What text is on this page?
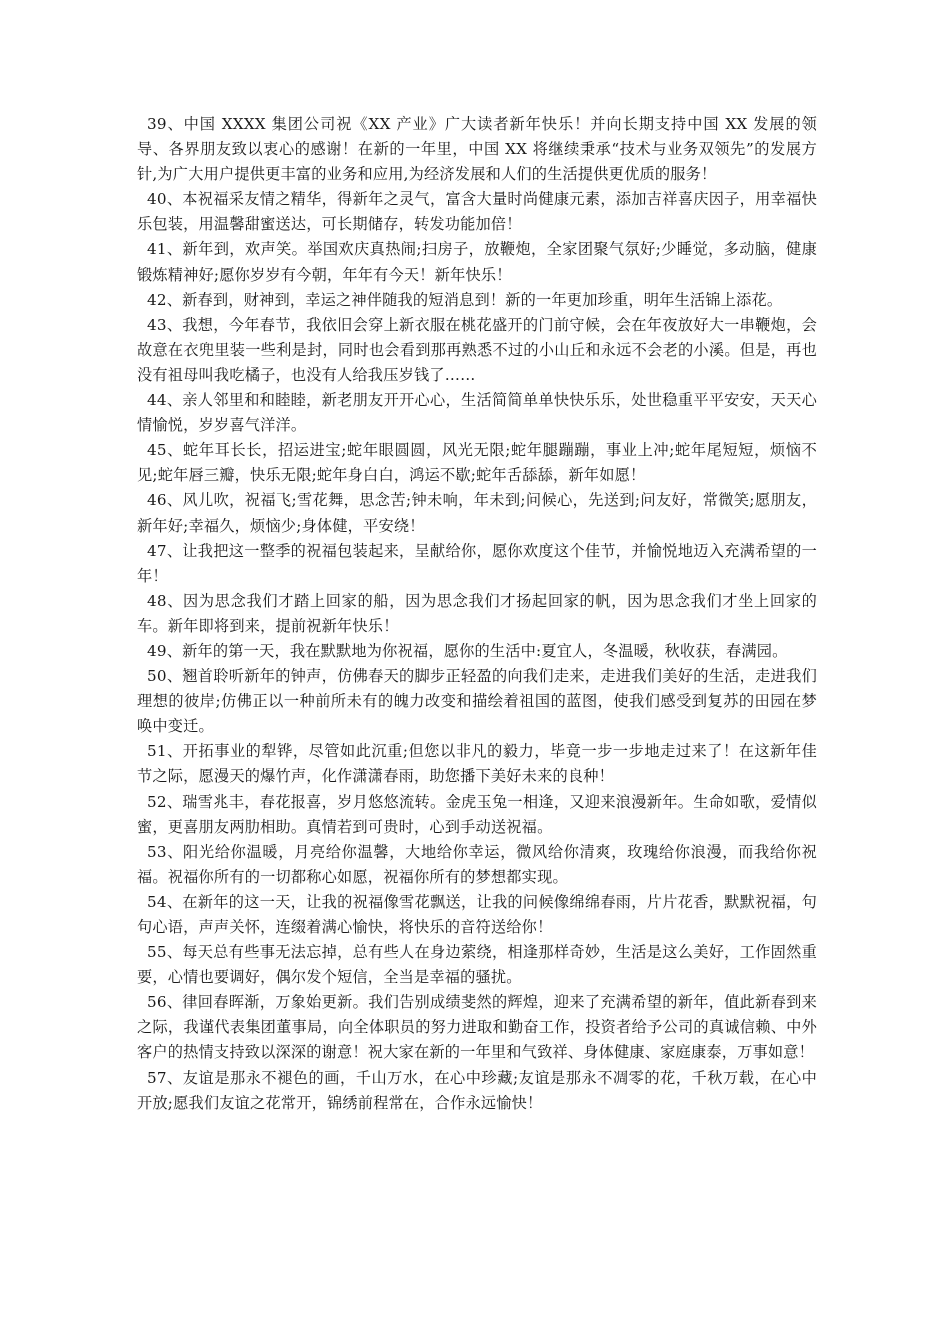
39、中国 XXXX 集团公司祝《XX 产业》广大读者新年快乐！并向长期支持中国 XX 发展的领导、各界朋友致以衷心的感谢！在新的一年里，中国 XX 将继续秉承“技术与业务双领先”的发展方针,为广大用户提供更丰富的业务和应用,为经济发展和人们的生活提供更优质的服务！

40、本祝福采友情之精华，得新年之灵气，富含大量时尚健康元素，添加吉祥喜庆因子，用幸福快乐包装，用温馨甜蜜送达，可长期储存，转发功能加倍！

41、新年到，欢声笑。举国欢庆真热闹;扫房子，放鞭炮，全家团聚气氛好;少睡觉，多动脑，健康锻炼精神好;愿你岁岁有今朝，年年有今天！新年快乐！

42、新春到，财神到，幸运之神伴随我的短消息到！新的一年更加珍重，明年生活锦上添花。

43、我想，今年春节，我依旧会穿上新衣服在桃花盛开的门前守候，会在年夜放好大一串鞭炮，会故意在衣兜里装一些利是封，同时也会看到那再熟悉不过的小山丘和永远不会老的小溪。但是，再也没有祖母叫我吃橘子，也没有人给我压岁钱了……

44、亲人邻里和和睦睦，新老朋友开开心心，生活简简单单快快乐乐，处世稳重平平安安，天天心情愉悦，岁岁喜气洋洋。

45、蛇年耳长长，招运进宝;蛇年眼圆圆，风光无限;蛇年腿蹦蹦，事业上冲;蛇年尾短短，烦恼不见;蛇年唇三瓣，快乐无限;蛇年身白白，鸿运不歇;蛇年舌舔舔，新年如愿！

46、风儿吹，祝福飞;雪花舞，思念苦;钟未响，年未到;问候心，先送到;问友好，常微笑;愿朋友，新年好;幸福久，烦恼少;身体健，平安绕！

47、让我把这一整季的祝福包装起来，呈献给你，愿你欢度这个佳节，并愉悦地迈入充满希望的一年！

48、因为思念我们才踏上回家的船，因为思念我们才扬起回家的帆，因为思念我们才坐上回家的车。新年即将到来，提前祝新年快乐！

49、新年的第一天，我在默默地为你祝福，愿你的生活中:夏宜人，冬温暖，秋收获，春满园。

50、翘首聆听新年的钟声，仿佛春天的脚步正轻盈的向我们走来，走进我们美好的生活，走进我们理想的彼岸;仿佛正以一种前所未有的魄力改变和描绘着祖国的蓝图，使我们感受到复苏的田园在梦唤中变迁。

51、开拓事业的犁铧，尽管如此沉重;但您以非凡的毅力，毕竟一步一步地走过来了！在这新年佳节之际，愿漫天的爆竹声，化作潇潇春雨，助您播下美好未来的良种！

52、瑞雪兆丰，春花报喜，岁月悠悠流转。金虎玉兔一相逢，又迎来浪漫新年。生命如歌，爱情似蜜，更喜朋友两肋相助。真情若到可贵时，心到手动送祝福。

53、阳光给你温暖，月亮给你温馨，大地给你幸运，微风给你清爽，玫瑰给你浪漫，而我给你祝福。祝福你所有的一切都称心如愿，祝福你所有的梦想都实现。

54、在新年的这一天，让我的祝福像雪花飘送，让我的问候像绵绵春雨，片片花香，默默祝福，句句心语，声声关怀，连缀着满心愉快，将快乐的音符送给你！

55、每天总有些事无法忘掉，总有些人在身边萦绕，相逢那样奇妙，生活是这么美好，工作固然重要，心情也要调好，偶尔发个短信，全当是幸福的骚扰。

56、律回春晖渐，万象始更新。我们告别成绩斐然的辉煌，迎来了充满希望的新年，值此新春到来之际，我谨代表集团董事局，向全体职员的努力进取和勤奋工作，投资者给予公司的真诚信赖、中外客户的热情支持致以深深的谢意！祝大家在新的一年里和气致祥、身体健康、家庭康泰，万事如意！

57、友谊是那永不褪色的画，千山万水，在心中珍藏;友谊是那永不凋零的花，千秋万载，在心中开放;愿我们友谊之花常开，锦绣前程常在，合作永远愉快！
